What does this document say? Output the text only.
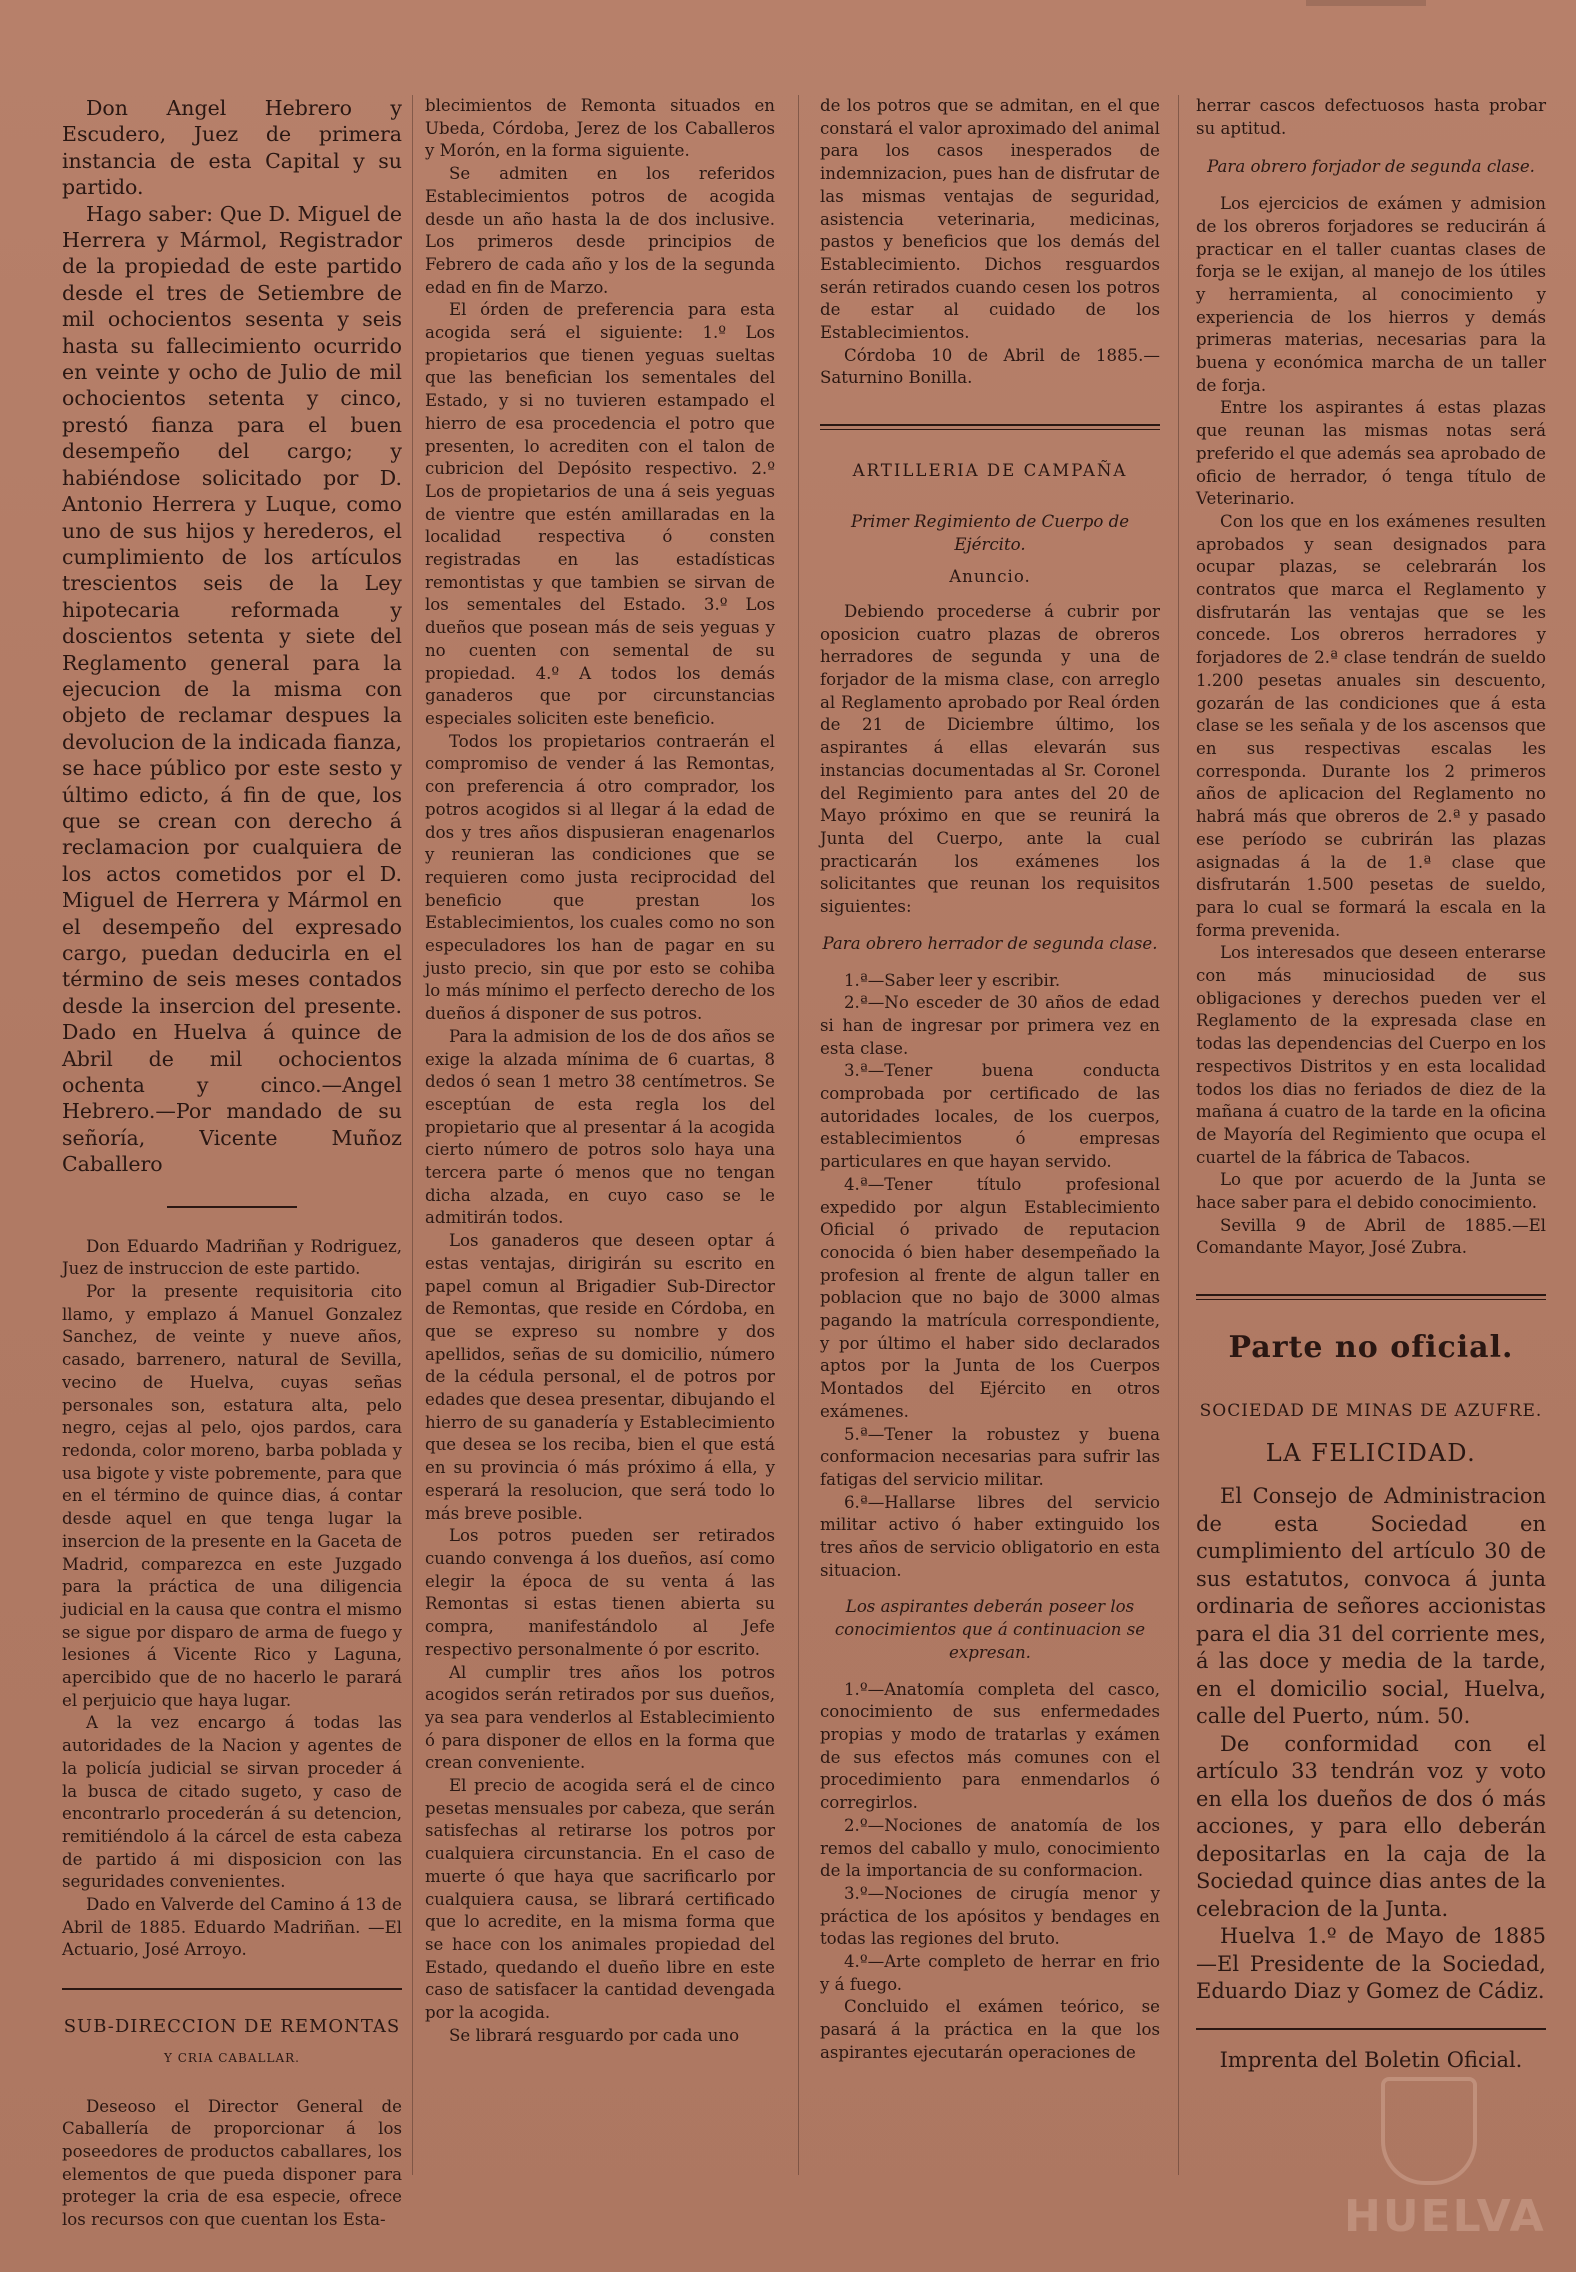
Don Angel Hebrero y Escudero, Juez de primera instancia de esta Capital y su partido.

Hago saber: Que D. Miguel de Herrera y Mármol, Registrador de la propiedad de este partido desde el tres de Setiembre de mil ochocientos sesenta y seis hasta su fallecimiento ocurrido en veinte y ocho de Julio de mil ochocientos setenta y cinco, prestó fianza para el buen desempeño del cargo; y habiéndose solicitado por D. Antonio Herrera y Luque, como uno de sus hijos y herederos, el cumplimiento de los artículos trescientos seis de la Ley hipotecaria reformada y doscientos setenta y siete del Reglamento general para la ejecucion de la misma con objeto de reclamar despues la devolucion de la indicada fianza, se hace público por este sesto y último edicto, á fin de que, los que se crean con derecho á reclamacion por cualquiera de los actos cometidos por el D. Miguel de Herrera y Mármol en el desempeño del expresado cargo, puedan deducirla en el término de seis meses contados desde la insercion del presente. Dado en Huelva á quince de Abril de mil ochocientos ochenta y cinco.—Angel Hebrero.—Por mandado de su señoría, Vicente Muñoz Caballero

Don Eduardo Madriñan y Rodriguez, Juez de instruccion de este partido.

Por la presente requisitoria cito llamo, y emplazo á Manuel Gonzalez Sanchez, de veinte y nueve años, casado, barrenero, natural de Sevilla, vecino de Huelva, cuyas señas personales son, estatura alta, pelo negro, cejas al pelo, ojos pardos, cara redonda, color moreno, barba poblada y usa bigote y viste pobremente, para que en el término de quince dias, á contar desde aquel en que tenga lugar la insercion de la presente en la Gaceta de Madrid, comparezca en este Juzgado para la práctica de una diligencia judicial en la causa que contra el mismo se sigue por disparo de arma de fuego y lesiones á Vicente Rico y Laguna, apercibido que de no hacerlo le parará el perjuicio que haya lugar.

A la vez encargo á todas las autoridades de la Nacion y agentes de la policía judicial se sirvan proceder á la busca de citado sugeto, y caso de encontrarlo procederán á su detencion, remitiéndolo á la cárcel de esta cabeza de partido á mi disposicion con las seguridades convenientes.

Dado en Valverde del Camino á 13 de Abril de 1885. Eduardo Madriñan. —El Actuario, José Arroyo.

SUB-DIRECCION DE REMONTAS

Y CRIA CABALLAR.

Deseoso el Director General de Caballería de proporcionar á los poseedores de productos caballares, los elementos de que pueda disponer para proteger la cria de esa especie, ofrece los recursos con que cuentan los Esta-

blecimientos de Remonta situados en Ubeda, Córdoba, Jerez de los Caballeros y Morón, en la forma siguiente.

Se admiten en los referidos Establecimientos potros de acogida desde un año hasta la de dos inclusive. Los primeros desde principios de Febrero de cada año y los de la segunda edad en fin de Marzo.

El órden de preferencia para esta acogida será el siguiente: 1.º Los propietarios que tienen yeguas sueltas que las benefician los sementales del Estado, y si no tuvieren estampado el hierro de esa procedencia el potro que presenten, lo acrediten con el talon de cubricion del Depósito respectivo. 2.º Los de propietarios de una á seis yeguas de vientre que estén amillaradas en la localidad respectiva ó consten registradas en las estadísticas remontistas y que tambien se sirvan de los sementales del Estado. 3.º Los dueños que posean más de seis yeguas y no cuenten con semental de su propiedad. 4.º A todos los demás ganaderos que por circunstancias especiales soliciten este beneficio.

Todos los propietarios contraerán el compromiso de vender á las Remontas, con preferencia á otro comprador, los potros acogidos si al llegar á la edad de dos y tres años dispusieran enagenarlos y reunieran las condiciones que se requieren como justa reciprocidad del beneficio que prestan los Establecimientos, los cuales como no son especuladores los han de pagar en su justo precio, sin que por esto se cohiba lo más mínimo el perfecto derecho de los dueños á disponer de sus potros.

Para la admision de los de dos años se exige la alzada mínima de 6 cuartas, 8 dedos ó sean 1 metro 38 centímetros. Se esceptúan de esta regla los del propietario que al presentar á la acogida cierto número de potros solo haya una tercera parte ó menos que no tengan dicha alzada, en cuyo caso se le admitirán todos.

Los ganaderos que deseen optar á estas ventajas, dirigirán su escrito en papel comun al Brigadier Sub-Director de Remontas, que reside en Córdoba, en que se expreso su nombre y dos apellidos, señas de su domicilio, número de la cédula personal, el de potros por edades que desea presentar, dibujando el hierro de su ganadería y Establecimiento que desea se los reciba, bien el que está en su provincia ó más próximo á ella, y esperará la resolucion, que será todo lo más breve posible.

Los potros pueden ser retirados cuando convenga á los dueños, así como elegir la época de su venta á las Remontas si estas tienen abierta su compra, manifestándolo al Jefe respectivo personalmente ó por escrito.

Al cumplir tres años los potros acogidos serán retirados por sus dueños, ya sea para venderlos al Establecimiento ó para disponer de ellos en la forma que crean conveniente.

El precio de acogida será el de cinco pesetas mensuales por cabeza, que serán satisfechas al retirarse los potros por cualquiera circunstancia. En el caso de muerte ó que haya que sacrificarlo por cualquiera causa, se librará certificado que lo acredite, en la misma forma que se hace con los animales propiedad del Estado, quedando el dueño libre en este caso de satisfacer la cantidad devengada por la acogida.

Se librará resguardo por cada uno

de los potros que se admitan, en el que constará el valor aproximado del animal para los casos inesperados de indemnizacion, pues han de disfrutar de las mismas ventajas de seguridad, asistencia veterinaria, medicinas, pastos y beneficios que los demás del Establecimiento. Dichos resguardos serán retirados cuando cesen los potros de estar al cuidado de los Establecimientos.

Córdoba 10 de Abril de 1885.—Saturnino Bonilla.

ARTILLERIA DE CAMPAÑA

Primer Regimiento de Cuerpo de Ejército.

Anuncio.

Debiendo procederse á cubrir por oposicion cuatro plazas de obreros herradores de segunda y una de forjador de la misma clase, con arreglo al Reglamento aprobado por Real órden de 21 de Diciembre último, los aspirantes á ellas elevarán sus instancias documentadas al Sr. Coronel del Regimiento para antes del 20 de Mayo próximo en que se reunirá la Junta del Cuerpo, ante la cual practicarán los exámenes los solicitantes que reunan los requisitos siguientes:

Para obrero herrador de segunda clase.

1.ª—Saber leer y escribir.

2.ª—No esceder de 30 años de edad si han de ingresar por primera vez en esta clase.

3.ª—Tener buena conducta comprobada por certificado de las autoridades locales, de los cuerpos, establecimientos ó empresas particulares en que hayan servido.

4.ª—Tener título profesional expedido por algun Establecimiento Oficial ó privado de reputacion conocida ó bien haber desempeñado la profesion al frente de algun taller en poblacion que no bajo de 3000 almas pagando la matrícula correspondiente, y por último el haber sido declarados aptos por la Junta de los Cuerpos Montados del Ejército en otros exámenes.

5.ª—Tener la robustez y buena conformacion necesarias para sufrir las fatigas del servicio militar.

6.ª—Hallarse libres del servicio militar activo ó haber extinguido los tres años de servicio obligatorio en esta situacion.

Los aspirantes deberán poseer los conocimientos que á continuacion se expresan.

1.º—Anatomía completa del casco, conocimiento de sus enfermedades propias y modo de tratarlas y exámen de sus efectos más comunes con el procedimiento para enmendarlos ó corregirlos.

2.º—Nociones de anatomía de los remos del caballo y mulo, conocimiento de la importancia de su conformacion.

3.º—Nociones de cirugía menor y práctica de los apósitos y bendages en todas las regiones del bruto.

4.º—Arte completo de herrar en frio y á fuego.

Concluido el exámen teórico, se pasará á la práctica en la que los aspirantes ejecutarán operaciones de

herrar cascos defectuosos hasta probar su aptitud.

Para obrero forjador de segunda clase.

Los ejercicios de exámen y admision de los obreros forjadores se reducirán á practicar en el taller cuantas clases de forja se le exijan, al manejo de los útiles y herramienta, al conocimiento y experiencia de los hierros y demás primeras materias, necesarias para la buena y económica marcha de un taller de forja.

Entre los aspirantes á estas plazas que reunan las mismas notas será preferido el que además sea aprobado de oficio de herrador, ó tenga título de Veterinario.

Con los que en los exámenes resulten aprobados y sean designados para ocupar plazas, se celebrarán los contratos que marca el Reglamento y disfrutarán las ventajas que se les concede. Los obreros herradores y forjadores de 2.ª clase tendrán de sueldo 1.200 pesetas anuales sin descuento, gozarán de las condiciones que á esta clase se les señala y de los ascensos que en sus respectivas escalas les corresponda. Durante los 2 primeros años de aplicacion del Reglamento no habrá más que obreros de 2.ª y pasado ese período se cubrirán las plazas asignadas á la de 1.ª clase que disfrutarán 1.500 pesetas de sueldo, para lo cual se formará la escala en la forma prevenida.

Los interesados que deseen enterarse con más minuciosidad de sus obligaciones y derechos pueden ver el Reglamento de la expresada clase en todas las dependencias del Cuerpo en los respectivos Distritos y en esta localidad todos los dias no feriados de diez de la mañana á cuatro de la tarde en la oficina de Mayoría del Regimiento que ocupa el cuartel de la fábrica de Tabacos.

Lo que por acuerdo de la Junta se hace saber para el debido conocimiento.

Sevilla 9 de Abril de 1885.—El Comandante Mayor, José Zubra.

Parte no oficial.

SOCIEDAD DE MINAS DE AZUFRE.

LA FELICIDAD.

El Consejo de Administracion de esta Sociedad en cumplimiento del artículo 30 de sus estatutos, convoca á junta ordinaria de señores accionistas para el dia 31 del corriente mes, á las doce y media de la tarde, en el domicilio social, Huelva, calle del Puerto, núm. 50.

De conformidad con el artículo 33 tendrán voz y voto en ella los dueños de dos ó más acciones, y para ello deberán depositarlas en la caja de la Sociedad quince dias antes de la celebracion de la Junta.

Huelva 1.º de Mayo de 1885 —El Presidente de la Sociedad, Eduardo Diaz y Gomez de Cádiz.

Imprenta del Boletin Oficial.

HUELVA
